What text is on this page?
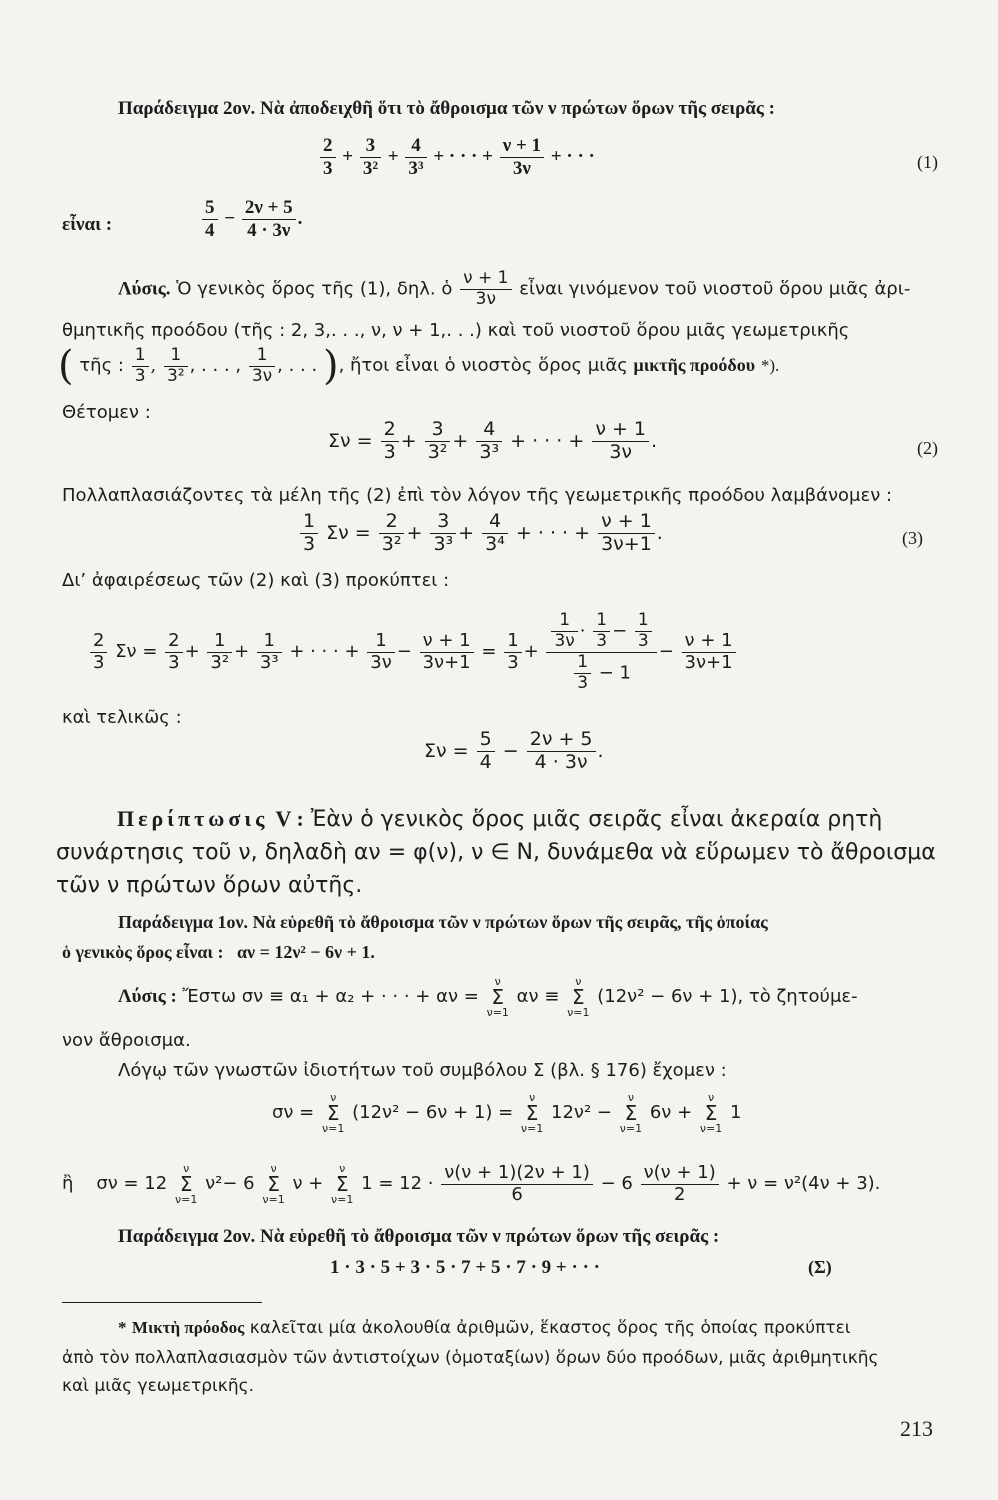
Παράδειγμα 2ον. Νὰ ἀποδειχθῆ ὅτι τὸ ἄθροισμα τῶν ν πρώτων ὅρων τῆς σειρᾶς :
$\frac{2}{3} + \frac{3}{\text{3²}} + \frac{4}{\text{3³}}$ + · · · + $\frac{\nu + 1}{3\nu}$ + · · ·	(1)
εἶναι :	$\frac{5}{4} - \frac{2\nu + 5}{4 \cdot 3\nu}$ .
Λύσις. Ὁ γενικὸς ὅρος τῆς (1), δηλ. ὁ $\frac{\nu + 1}{3\nu}$ εἶναι γινόμενον τοῦ νιοστοῦ ὅρου μιᾶς ἀρι-
θμητικῆς προόδου (τῆς : 2, 3,. . ., ν, ν + 1,. . .) καὶ τοῦ νιοστοῦ ὅρου μιᾶς γεωμετρικῆς
( τῆς : $\frac{1}{3}$ , $\frac{1}{\text{3²}}$ , . . . , $\frac{1}{3\nu}$ , . . . ), ἤτοι εἶναι ὁ νιοστὸς ὅρος μιᾶς μικτῆς προόδου *).
Θέτομεν :
$\Sigma\nu = \frac{2}{3} + \frac{3}{\text{3²}} + \frac{4}{\text{3³}}$ + · · · + $\frac{\nu + 1}{3\nu}$ .	(2)
Πολλαπλασιάζοντες τὰ μέλη τῆς (2) ἐπὶ τὸν λόγον τῆς γεωμετρικῆς προόδου λαμβάνομεν :
$\frac{1}{3}$ $\Sigma\nu = \frac{2}{\text{3²}} + \frac{3}{\text{3³}} + \frac{4}{\text{3⁴}}$ + · · · + $\frac{\nu + 1}{3\nu+1}$ .	(3)
Δι’ ἀφαιρέσεως τῶν (2) καὶ (3) προκύπτει :
$\frac{2}{3}$ $\Sigma\nu = \frac{2}{3} + \frac{1}{\text{3²}} + \frac{1}{\text{3³}}$ + · · · + $\frac{1}{3\nu} - \frac{\nu + 1}{3\nu+1} = \frac{1}{3} + \frac{\frac{1}{3\nu} \cdot \frac{1}{3} - \frac{1}{3}}{\frac{1}{3} - 1} - \frac{\nu + 1}{3\nu+1}$
καὶ τελικῶς :
$\Sigma\nu = \frac{5}{4} - \frac{2\nu + 5}{4 \cdot 3\nu}$ .
Περίπτωσις V : Ἐὰν ὁ γενικὸς ὅρος μιᾶς σειρᾶς εἶναι ἀκεραία ρητὴ
συνάρτησις τοῦ ν, δηλαδὴ αν = φ(ν), ν ∈ N, δυνάμεθα νὰ εὕρωμεν τὸ ἄθροισμα
τῶν ν πρώτων ὅρων αὐτῆς.
Παράδειγμα 1ον. Νὰ εὑρεθῆ τὸ ἄθροισμα τῶν ν πρώτων ὅρων τῆς σειρᾶς, τῆς ὁποίας
ὁ γενικὸς ὅρος εἶναι : αν = 12ν² − 6ν + 1.
Λύσις : Ἔστω σν ≡ α₁ + α₂ + · · · + αν =
ν
Σ
ν=1
αν ≡
ν
Σ
ν=1
(12ν² − 6ν + 1), τὸ ζητούμε-
νον ἄθροισμα.
Λόγῳ τῶν γνωστῶν ἰδιοτήτων τοῦ συμβόλου Σ (βλ. § 176) ἔχομεν :
σν =
ν
Σ
ν=1
(12ν² − 6ν + 1) =
ν
Σ
ν=1
12ν² −
ν
Σ
ν=1
6ν +
ν
Σ
ν=1
1
ἢ σν = 12
ν
Σ
ν=1
ν²− 6
ν
Σ
ν=1
ν +
ν
Σ
ν=1
$1 = 12 \cdot \frac{\nu(\nu + 1)(2\nu + 1)}{6} - 6 \frac{\nu(\nu + 1)}{2} + \nu = \nu^2(4\nu + 3)$.
Παράδειγμα 2ον. Νὰ εὑρεθῆ τὸ ἄθροισμα τῶν ν πρώτων ὅρων τῆς σειρᾶς :
1 · 3 · 5 + 3 · 5 · 7 + 5 · 7 · 9 + · · ·	(Σ)
* Μικτὴ πρόοδος καλεῖται μία ἀκολουθία ἀριθμῶν, ἕκαστος ὅρος τῆς ὁποίας προκύπτει
ἀπὸ τὸν πολλαπλασιασμὸν τῶν ἀντιστοίχων (ὁμοταξίων) ὅρων δύο προόδων, μιᾶς ἀριθμητικῆς
καὶ μιᾶς γεωμετρικῆς.
213
